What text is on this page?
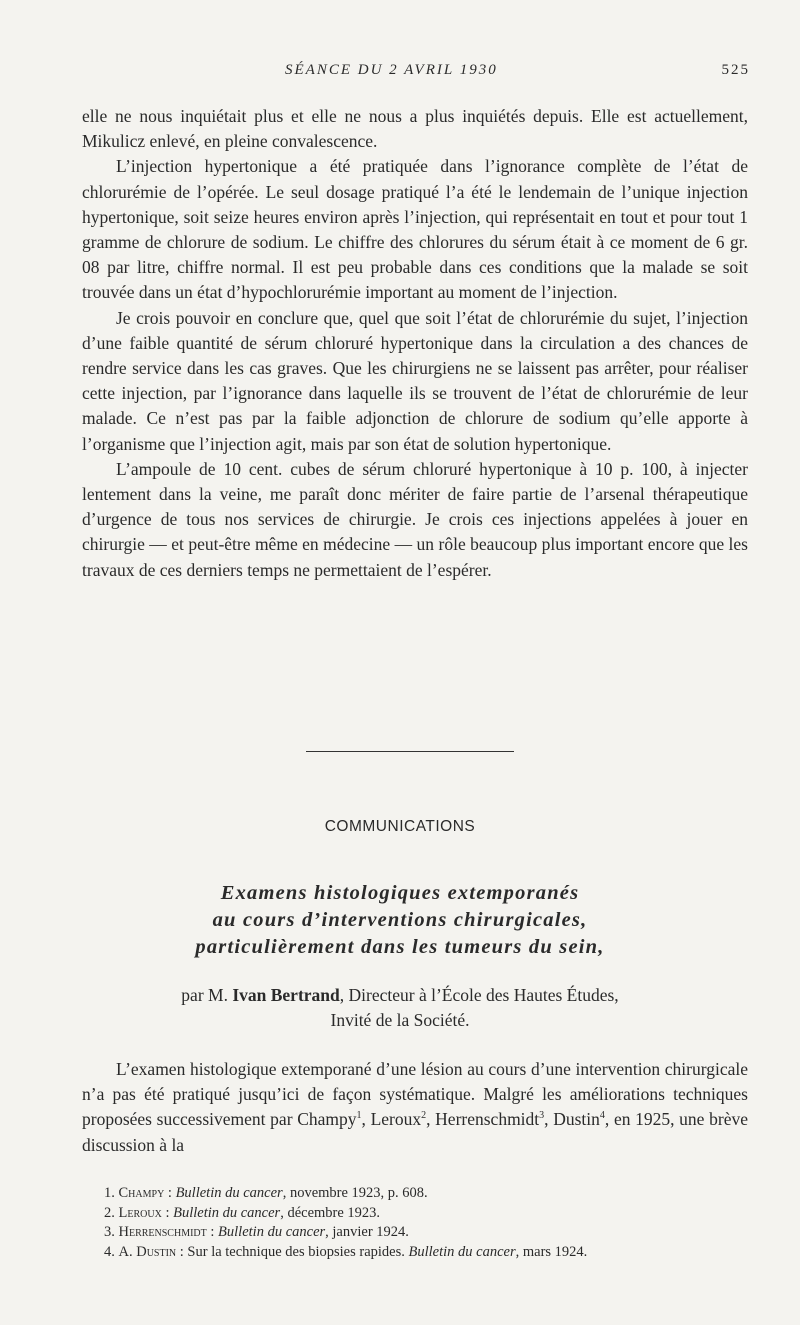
SÉANCE DU 2 AVRIL 1930	525

elle ne nous inquiétait plus et elle ne nous a plus inquiétés depuis. Elle est actuellement, Mikulicz enlevé, en pleine convalescence.

L’injection hypertonique a été pratiquée dans l’ignorance complète de l’état de chlorurémie de l’opérée. Le seul dosage pratiqué l’a été le lendemain de l’unique injection hypertonique, soit seize heures environ après l’injection, qui représentait en tout et pour tout 1 gramme de chlorure de sodium. Le chiffre des chlorures du sérum était à ce moment de 6 gr. 08 par litre, chiffre normal. Il est peu probable dans ces conditions que la malade se soit trouvée dans un état d’hypochlorurémie important au moment de l’injection.

Je crois pouvoir en conclure que, quel que soit l’état de chlorurémie du sujet, l’injection d’une faible quantité de sérum chloruré hypertonique dans la circulation a des chances de rendre service dans les cas graves. Que les chirurgiens ne se laissent pas arrêter, pour réaliser cette injection, par l’ignorance dans laquelle ils se trouvent de l’état de chlorurémie de leur malade. Ce n’est pas par la faible adjonction de chlorure de sodium qu’elle apporte à l’organisme que l’injection agit, mais par son état de solution hypertonique.

L’ampoule de 10 cent. cubes de sérum chloruré hypertonique à 10 p. 100, à injecter lentement dans la veine, me paraît donc mériter de faire partie de l’arsenal thérapeutique d’urgence de tous nos services de chirurgie. Je crois ces injections appelées à jouer en chirurgie — et peut-être même en médecine — un rôle beaucoup plus important encore que les travaux de ces derniers temps ne permettaient de l’espérer.

COMMUNICATIONS
Examens histologiques extemporanés
au cours d’interventions chirurgicales,
particulièrement dans les tumeurs du sein,
par M. Ivan Bertrand, Directeur à l’École des Hautes Études,
Invité de la Société.

L’examen histologique extemporané d’une lésion au cours d’une intervention chirurgicale n’a pas été pratiqué jusqu’ici de façon systématique. Malgré les améliorations techniques proposées successivement par Champy$^1$, Leroux$^2$, Herrenschmidt$^3$, Dustin$^4$, en 1925, une brève discussion à la

1. Champy : Bulletin du cancer, novembre 1923, p. 608.
2. Leroux : Bulletin du cancer, décembre 1923.
3. Herrenschmidt : Bulletin du cancer, janvier 1924.
4. A. Dustin : Sur la technique des biopsies rapides. Bulletin du cancer, mars 1924.
